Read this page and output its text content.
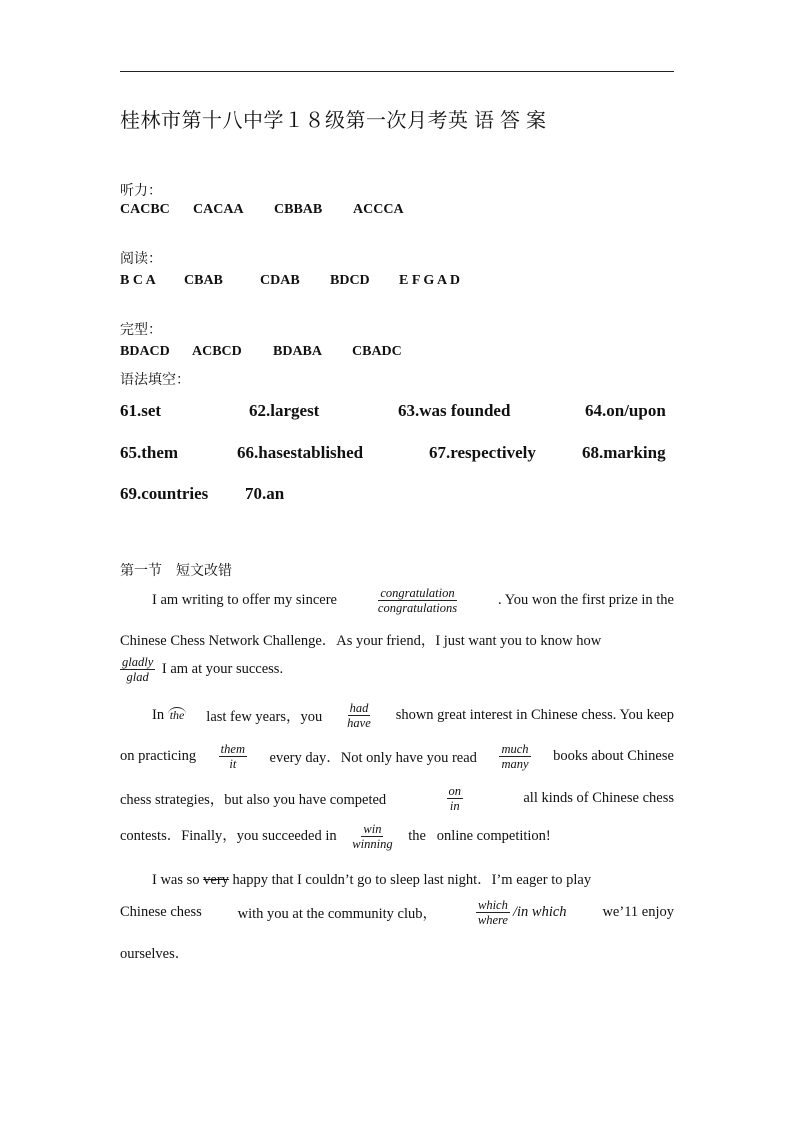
桂林市第十八中学１８级第一次月考英 语 答 案
听力：
CACBC CACAA CBBAB ACCCA
阅读：
B C A CBAB	CDAB BDCD E F G A D
完型：
BDACD ACBCD BDABA CBADC
语法填空：
61.set	62.largest	63.was founded	64.on/upon
65.them	66.hasestablished	67.respectively	68.marking
69.countries 70.an
第一节　短文改错
I am writing to offer my sincere	$\frac{\text{congratulation}}{\text{congratulations}}$	. You won the first prize in the
Chinese Chess Network Challenge．As your friend，I just want you to know how
$\frac{\text{gladly}}{\text{glad}}$ I am at your success.
In the last few years，you $\frac{\text{had}}{\text{have}}$ shown great interest in Chinese chess. You keep
on practicing $\frac{\text{them}}{it}$ every day．Not only have you read $\frac{\text{much}}{\text{many}}$ books about Chinese
chess strategies，but also you have competed	$\frac{on}{in}$	all kinds of Chinese chess
contests．Finally，you succeeded in $\frac{\text{win}}{\text{winning}}$ the online competition!
I was so very happy that I couldn’t go to sleep last night．I’m eager to play
Chinese chess with you at the community club，	$\frac{\text{which}}{\text{where}} /in$ which we’11 enjoy
ourselves．
